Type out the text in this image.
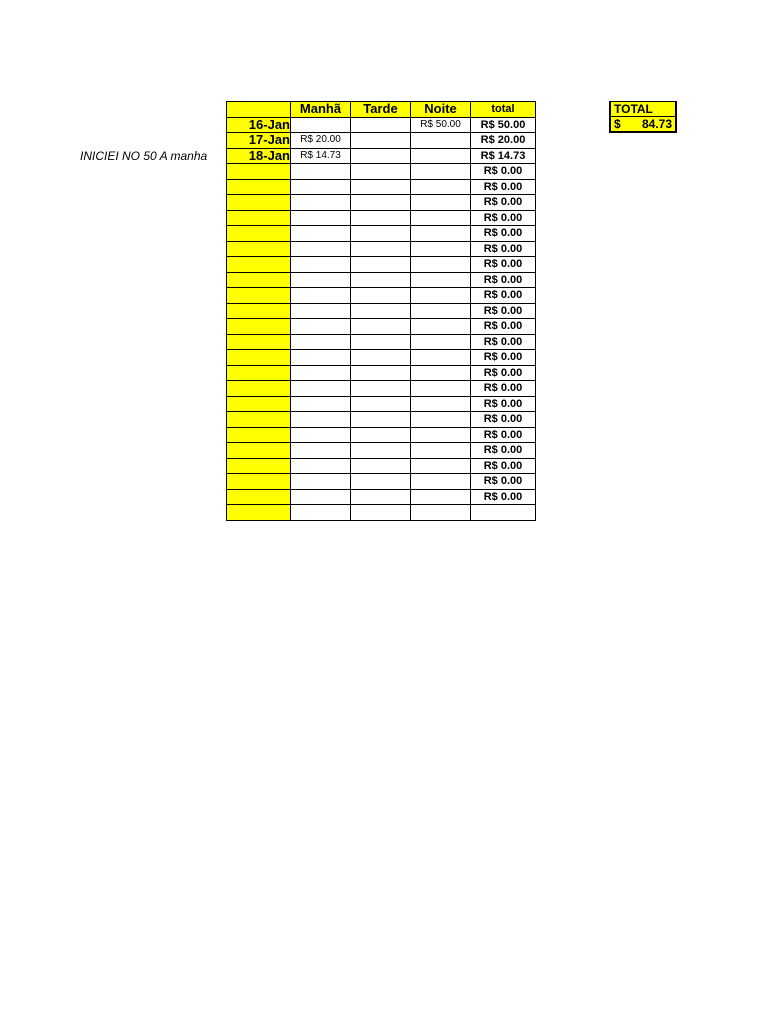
INICIEI NO 50 A manha
	Manhã	Tarde	Noite	total
16-Jan			R$ 50.00	R$ 50.00
17-Jan	R$ 20.00			R$ 20.00
18-Jan	R$ 14.73			R$ 14.73
				R$ 0.00
				R$ 0.00
				R$ 0.00
				R$ 0.00
				R$ 0.00
				R$ 0.00
				R$ 0.00
				R$ 0.00
				R$ 0.00
				R$ 0.00
				R$ 0.00
				R$ 0.00
				R$ 0.00
				R$ 0.00
				R$ 0.00
				R$ 0.00
				R$ 0.00
				R$ 0.00
				R$ 0.00
				R$ 0.00
				R$ 0.00
				R$ 0.00

TOTAL

$ 84.73
